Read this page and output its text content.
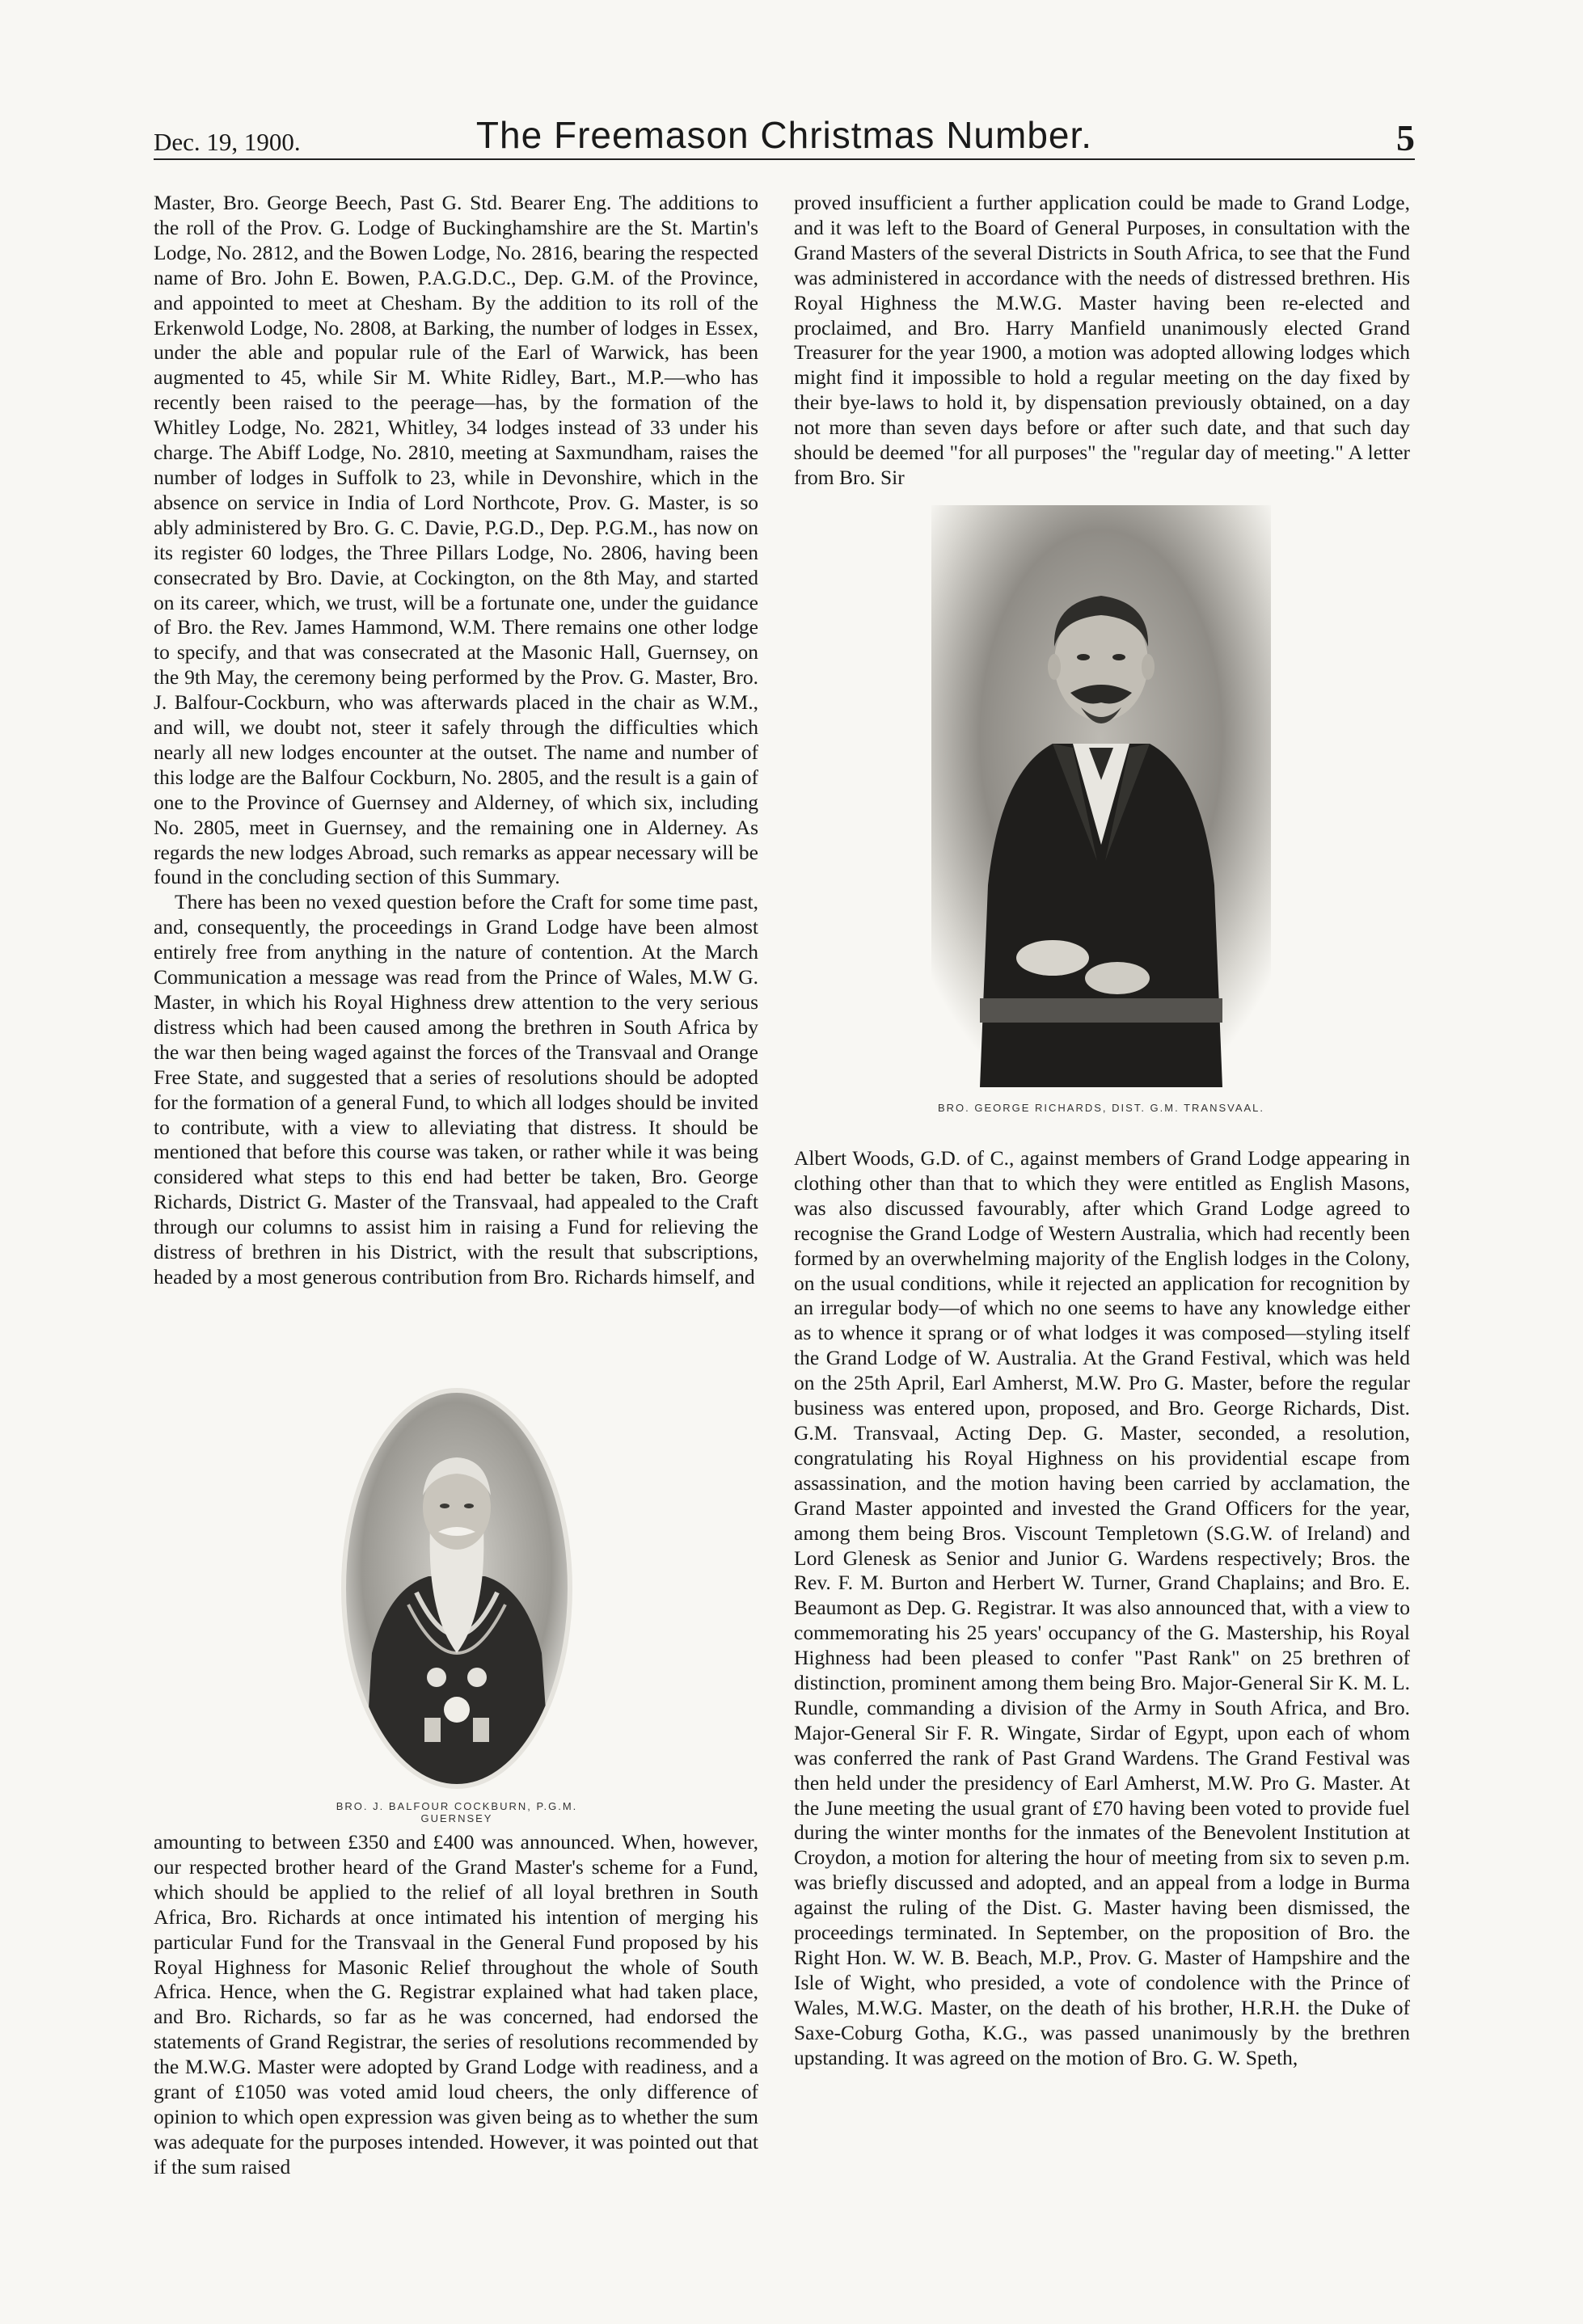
Dec. 19, 1900.	The Freemason Christmas Number.	5

Master, Bro. George Beech, Past G. Std. Bearer Eng. The additions to the roll of the Prov. G. Lodge of Buckinghamshire are the St. Martin's Lodge, No. 2812, and the Bowen Lodge, No. 2816, bearing the respected name of Bro. John E. Bowen, P.A.G.D.C., Dep. G.M. of the Province, and appointed to meet at Chesham. By the addition to its roll of the Erkenwold Lodge, No. 2808, at Barking, the number of lodges in Essex, under the able and popular rule of the Earl of Warwick, has been augmented to 45, while Sir M. White Ridley, Bart., M.P.—who has recently been raised to the peerage—has, by the formation of the Whitley Lodge, No. 2821, Whitley, 34 lodges instead of 33 under his charge. The Abiff Lodge, No. 2810, meeting at Saxmundham, raises the number of lodges in Suffolk to 23, while in Devonshire, which in the absence on service in India of Lord Northcote, Prov. G. Master, is so ably administered by Bro. G. C. Davie, P.G.D., Dep. P.G.M., has now on its register 60 lodges, the Three Pillars Lodge, No. 2806, having been consecrated by Bro. Davie, at Cockington, on the 8th May, and started on its career, which, we trust, will be a fortunate one, under the guidance of Bro. the Rev. James Hammond, W.M. There remains one other lodge to specify, and that was consecrated at the Masonic Hall, Guernsey, on the 9th May, the ceremony being performed by the Prov. G. Master, Bro. J. Balfour-Cockburn, who was afterwards placed in the chair as W.M., and will, we doubt not, steer it safely through the difficulties which nearly all new lodges encounter at the outset. The name and number of this lodge are the Balfour Cockburn, No. 2805, and the result is a gain of one to the Province of Guernsey and Alderney, of which six, including No. 2805, meet in Guernsey, and the remaining one in Alderney. As regards the new lodges Abroad, such remarks as appear necessary will be found in the concluding section of this Summary.

There has been no vexed question before the Craft for some time past, and, consequently, the proceedings in Grand Lodge have been almost entirely free from anything in the nature of contention. At the March Communication a message was read from the Prince of Wales, M.W G. Master, in which his Royal Highness drew attention to the very serious distress which had been caused among the brethren in South Africa by the war then being waged against the forces of the Transvaal and Orange Free State, and suggested that a series of resolutions should be adopted for the formation of a general Fund, to which all lodges should be invited to contribute, with a view to alleviating that distress. It should be mentioned that before this course was taken, or rather while it was being considered what steps to this end had better be taken, Bro. George Richards, District G. Master of the Transvaal, had appealed to the Craft through our columns to assist him in raising a Fund for relieving the distress of brethren in his District, with the result that subscriptions, headed by a most generous contribution from Bro. Richards himself, and

BRO. J. BALFOUR COCKBURN, P.G.M. GUERNSEY

amounting to between £350 and £400 was announced. When, however, our respected brother heard of the Grand Master's scheme for a Fund, which should be applied to the relief of all loyal brethren in South Africa, Bro. Richards at once intimated his intention of merging his particular Fund for the Transvaal in the General Fund proposed by his Royal Highness for Masonic Relief throughout the whole of South Africa. Hence, when the G. Registrar explained what had taken place, and Bro. Richards, so far as he was concerned, had endorsed the statements of Grand Registrar, the series of resolutions recommended by the M.W.G. Master were adopted by Grand Lodge with readiness, and a grant of £1050 was voted amid loud cheers, the only difference of opinion to which open expression was given being as to whether the sum was adequate for the purposes intended. However, it was pointed out that if the sum raised

proved insufficient a further application could be made to Grand Lodge, and it was left to the Board of General Purposes, in consultation with the Grand Masters of the several Districts in South Africa, to see that the Fund was administered in accordance with the needs of distressed brethren. His Royal Highness the M.W.G. Master having been re-elected and proclaimed, and Bro. Harry Manfield unanimously elected Grand Treasurer for the year 1900, a motion was adopted allowing lodges which might find it impossible to hold a regular meeting on the day fixed by their bye-laws to hold it, by dispensation previously obtained, on a day not more than seven days before or after such date, and that such day should be deemed "for all purposes" the "regular day of meeting." A letter from Bro. Sir

BRO. GEORGE RICHARDS, DIST. G.M. TRANSVAAL.

Albert Woods, G.D. of C., against members of Grand Lodge appearing in clothing other than that to which they were entitled as English Masons, was also discussed favourably, after which Grand Lodge agreed to recognise the Grand Lodge of Western Australia, which had recently been formed by an overwhelming majority of the English lodges in the Colony, on the usual conditions, while it rejected an application for recognition by an irregular body—of which no one seems to have any knowledge either as to whence it sprang or of what lodges it was composed—styling itself the Grand Lodge of W. Australia. At the Grand Festival, which was held on the 25th April, Earl Amherst, M.W. Pro G. Master, before the regular business was entered upon, proposed, and Bro. George Richards, Dist. G.M. Transvaal, Acting Dep. G. Master, seconded, a resolution, congratulating his Royal Highness on his providential escape from assassination, and the motion having been carried by acclamation, the Grand Master appointed and invested the Grand Officers for the year, among them being Bros. Viscount Templetown (S.G.W. of Ireland) and Lord Glenesk as Senior and Junior G. Wardens respectively; Bros. the Rev. F. M. Burton and Herbert W. Turner, Grand Chaplains; and Bro. E. Beaumont as Dep. G. Registrar. It was also announced that, with a view to commemorating his 25 years' occupancy of the G. Mastership, his Royal Highness had been pleased to confer "Past Rank" on 25 brethren of distinction, prominent among them being Bro. Major-General Sir K. M. L. Rundle, commanding a division of the Army in South Africa, and Bro. Major-General Sir F. R. Wingate, Sirdar of Egypt, upon each of whom was conferred the rank of Past Grand Wardens. The Grand Festival was then held under the presidency of Earl Amherst, M.W. Pro G. Master. At the June meeting the usual grant of £70 having been voted to provide fuel during the winter months for the inmates of the Benevolent Institution at Croydon, a motion for altering the hour of meeting from six to seven p.m. was briefly discussed and adopted, and an appeal from a lodge in Burma against the ruling of the Dist. G. Master having been dismissed, the proceedings terminated. In September, on the proposition of Bro. the Right Hon. W. W. B. Beach, M.P., Prov. G. Master of Hampshire and the Isle of Wight, who presided, a vote of condolence with the Prince of Wales, M.W.G. Master, on the death of his brother, H.R.H. the Duke of Saxe-Coburg Gotha, K.G., was passed unanimously by the brethren upstanding. It was agreed on the motion of Bro. G. W. Speth,
